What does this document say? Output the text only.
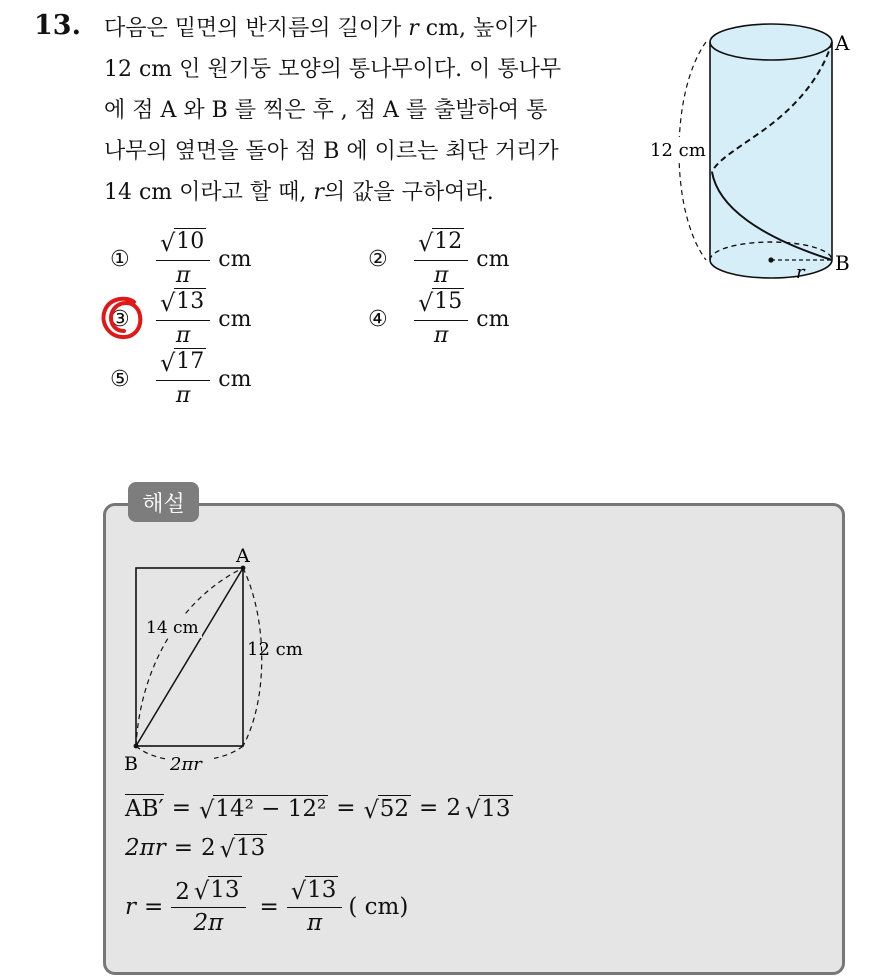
13. 다음은 밑면의 반지름의 길이가 r cm, 높이가
12 cm 인 원기둥 모양의 통나무이다. 이 통나무
에 점 A 와 B 를 찍은 후 , 점 A 를 출발하여 통
나무의 옆면을 돌아 점 B 에 이르는 최단 거리가
14 cm 이라고 할 때, r의 값을 구하여라.
12 cm
A
B
r
①	$\frac{√ 10}{\pi}$ cm	②	$\frac{√ 12}{\pi}$ cm
③	$\frac{√ 13}{\pi}$ cm	④	$\frac{√ 15}{\pi}$ cm
⑤	$\frac{√ 17}{\pi}$ cm
해설
A
B
14 cm
12 cm
2πr
AB′ = √ 14² − 12² = √ 52 = 2 √ 13
2πr = 2 √ 13
$r = \frac{2 √ 13}{2\pi} = \frac{√ 13}{\pi}$ ( cm)
